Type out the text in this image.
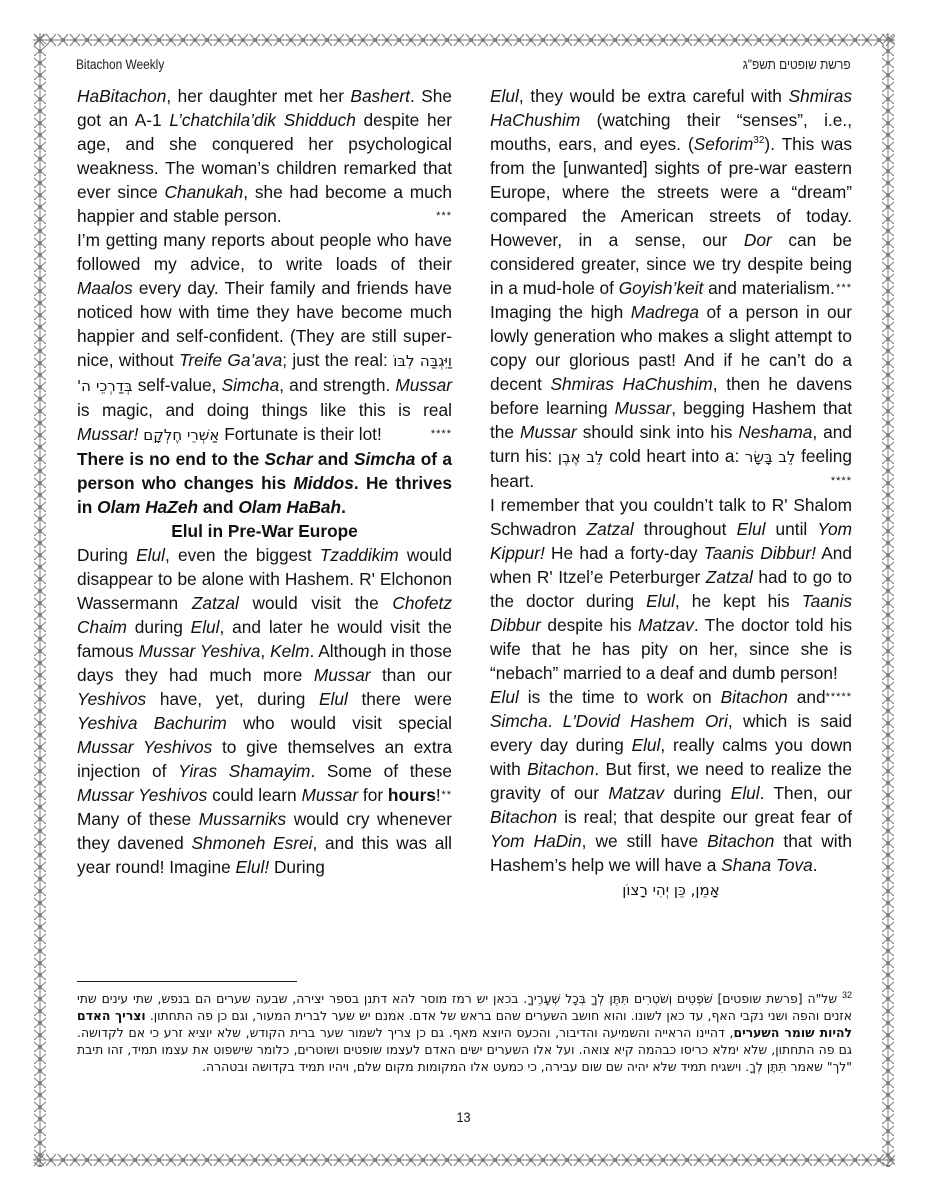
Bitachon Weekly	פרשת שופטים תשפ"ג

HaBitachon, her daughter met her Bashert. She got an A-1 L’chatchila’dik Shidduch despite her age, and she conquered her psychological weakness. The woman’s children remarked that ever since Chanukah, she had become a much happier and stable person.	***

I’m getting many reports about people who have followed my advice, to write loads of their Maalos every day. Their family and friends have noticed how with time they have become much happier and self-confident. (They are still super-nice, without Treife Ga’ava; just the real: וַיִּגְבַּה לִבּוֹ בְּדַרְכֵי ה' self-value, Simcha, and strength. Mussar is magic, and doing things like this is real Mussar! אַשְׁרֵי חֶלְקָם Fortunate is their lot!	****

There is no end to the Schar and Simcha of a person who changes his Middos. He thrives in Olam HaZeh and Olam HaBah.

Elul in Pre-War Europe

During Elul, even the biggest Tzaddikim would disappear to be alone with Hashem. R' Elchonon Wassermann Zatzal would visit the Chofetz Chaim during Elul, and later he would visit the famous Mussar Yeshiva, Kelm. Although in those days they had much more Mussar than our Yeshivos have, yet, during Elul there were Yeshiva Bachurim who would visit special Mussar Yeshivos to give themselves an extra injection of Yiras Shamayim. Some of these Mussar Yeshivos could learn Mussar for hours! **

Many of these Mussarniks would cry whenever they davened Shmoneh Esrei, and this was all year round! Imagine Elul! During

Elul, they would be extra careful with Shmiras HaChushim (watching their “senses”, i.e., mouths, ears, and eyes. (Seforim$^{32}$). This was from the [unwanted] sights of pre-war eastern Europe, where the streets were a “dream” compared the American streets of today. However, in a sense, our Dor can be considered greater, since we try despite being in a mud-hole of Goyish’keit and materialism. ***

Imaging the high Madrega of a person in our lowly generation who makes a slight attempt to copy our glorious past! And if he can’t do a decent Shmiras HaChushim, then he davens before learning Mussar, begging Hashem that the Mussar should sink into his Neshama, and turn his: לֵב אֶבֶן cold heart into a: לֵב בָּשָׂר feeling heart.	****

I remember that you couldn’t talk to R' Shalom Schwadron Zatzal throughout Elul until Yom Kippur! He had a forty-day Taanis Dibbur! And when R' Itzel’e Peterburger Zatzal had to go to the doctor during Elul, he kept his Taanis Dibbur despite his Matzav. The doctor told his wife that he has pity on her, since she is “nebach” married to a deaf and dumb person!
*****

Elul is the time to work on Bitachon and Simcha. L'Dovid Hashem Ori, which is said every day during Elul, really calms you down with Bitachon. But first, we need to realize the gravity of our Matzav during Elul. Then, our Bitachon is real; that despite our great fear of Yom HaDin, we still have Bitachon that with Hashem’s help we will have a Shana Tova.

אָמֵן, כֵּן יְהִי רָצוֹן

$^{32}$ של"ה [פרשת שופטים] שֹׁפְטִים וְשֹׁטְרִים תִּתֶּן לְךָ בְּכָל שְׁעָרֶיךָ. בכאן יש רמז מוסר להא דתנן בספר יצירה, שבעה שערים הם בנפש, שתי עינים שתי אזנים והפה ושני נקבי האף, עד כאן לשונו. והוא חושב השערים שהם בראש של אדם. אמנם יש שער לברית המעור, וגם כן פה התחתון. וצריך האדם להיות שומר השערים, דהיינו הראייה והשמיעה והדיבור, והכעס היוצא מאף. גם כן צריך לשמור שער ברית הקודש, שלא יוציא זרע כי אם לקדושה. גם פה התחתון, שלא ימלא כריסו כבהמה קיא צואה. ועל אלו השערים ישים האדם לעצמו שופטים ושוטרים, כלומר שישפוט את עצמו תמיד, זהו תיבת "לך" שאמר תִּתֶּן לְךָ. וישגיח תמיד שלא יהיה שם שום עבירה, כי כמעט אלו המקומות מקום שלם, ויהיו תמיד בקדושה ובטהרה.
13
